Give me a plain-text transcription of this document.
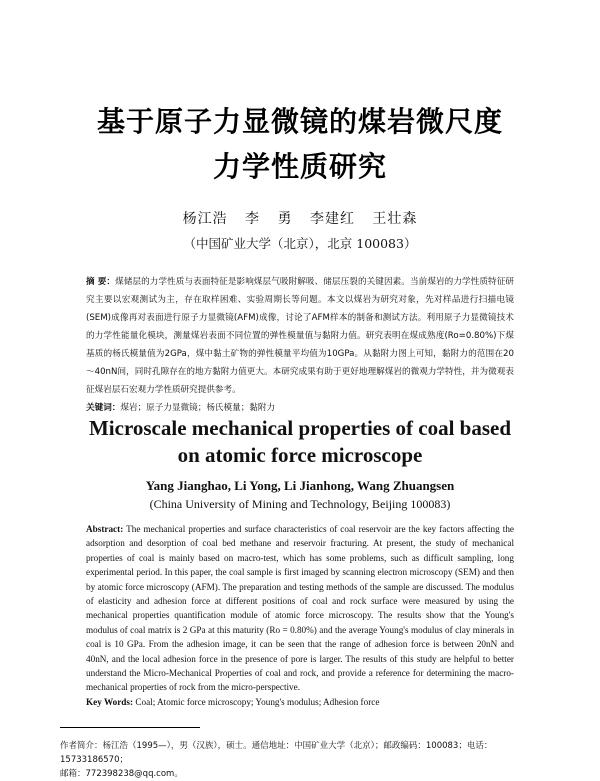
基于原子力显微镜的煤岩微尺度
力学性质研究
杨江浩 李 勇 李建红 王壮森
（中国矿业大学（北京），北京 100083）
摘 要：煤储层的力学性质与表面特征是影响煤层气吸附解吸、储层压裂的关键因素。当前煤岩的力学性质特征研究主要以宏观测试为主，存在取样困难、实验周期长等问题。本文以煤岩为研究对象，先对样品进行扫描电镜(SEM)成像再对表面进行原子力显微镜(AFM)成像，讨论了AFM样本的制备和测试方法。利用原子力显微镜技术的力学性能量化模块，测量煤岩表面不同位置的弹性模量值与黏附力值。研究表明在煤成熟度(Ro=0.80%)下煤基质的杨氏模量值为2GPa，煤中黏土矿物的弹性模量平均值为10GPa。从黏附力图上可知，黏附力的范围在20～40nN间，同时孔隙存在的地方黏附力值更大。本研究成果有助于更好地理解煤岩的微观力学特性，并为微观表征煤岩层石宏观力学性质研究提供参考。
关键词：煤岩；原子力显微镜；杨氏模量；黏附力
Microscale mechanical properties of coal based
on atomic force microscope
Yang Jianghao, Li Yong, Li Jianhong, Wang Zhuangsen
(China University of Mining and Technology, Beijing 100083)
Abstract: The mechanical properties and surface characteristics of coal reservoir are the key factors affecting the adsorption and desorption of coal bed methane and reservoir fracturing. At present, the study of mechanical properties of coal is mainly based on macro-test, which has some problems, such as difficult sampling, long experimental period. In this paper, the coal sample is first imaged by scanning electron microscopy (SEM) and then by atomic force microscopy (AFM). The preparation and testing methods of the sample are discussed. The modulus of elasticity and adhesion force at different positions of coal and rock surface were measured by using the mechanical properties quantification module of atomic force microscopy. The results show that the Young's modulus of coal matrix is 2 GPa at this maturity (Ro = 0.80%) and the average Young's modulus of clay minerals in coal is 10 GPa. From the adhesion image, it can be seen that the range of adhesion force is between 20nN and 40nN, and the local adhesion force in the presence of pore is larger. The results of this study are helpful to better understand the Micro-Mechanical Properties of coal and rock, and provide a reference for determining the macro-mechanical properties of rock from the micro-perspective.
Key Words: Coal; Atomic force microscopy; Young's modulus; Adhesion force
作者简介：杨江浩（1995—），男（汉族），硕士。通信地址：中国矿业大学（北京）；邮政编码：100083；电话：15733186570；
邮箱：772398238@qq.com。
